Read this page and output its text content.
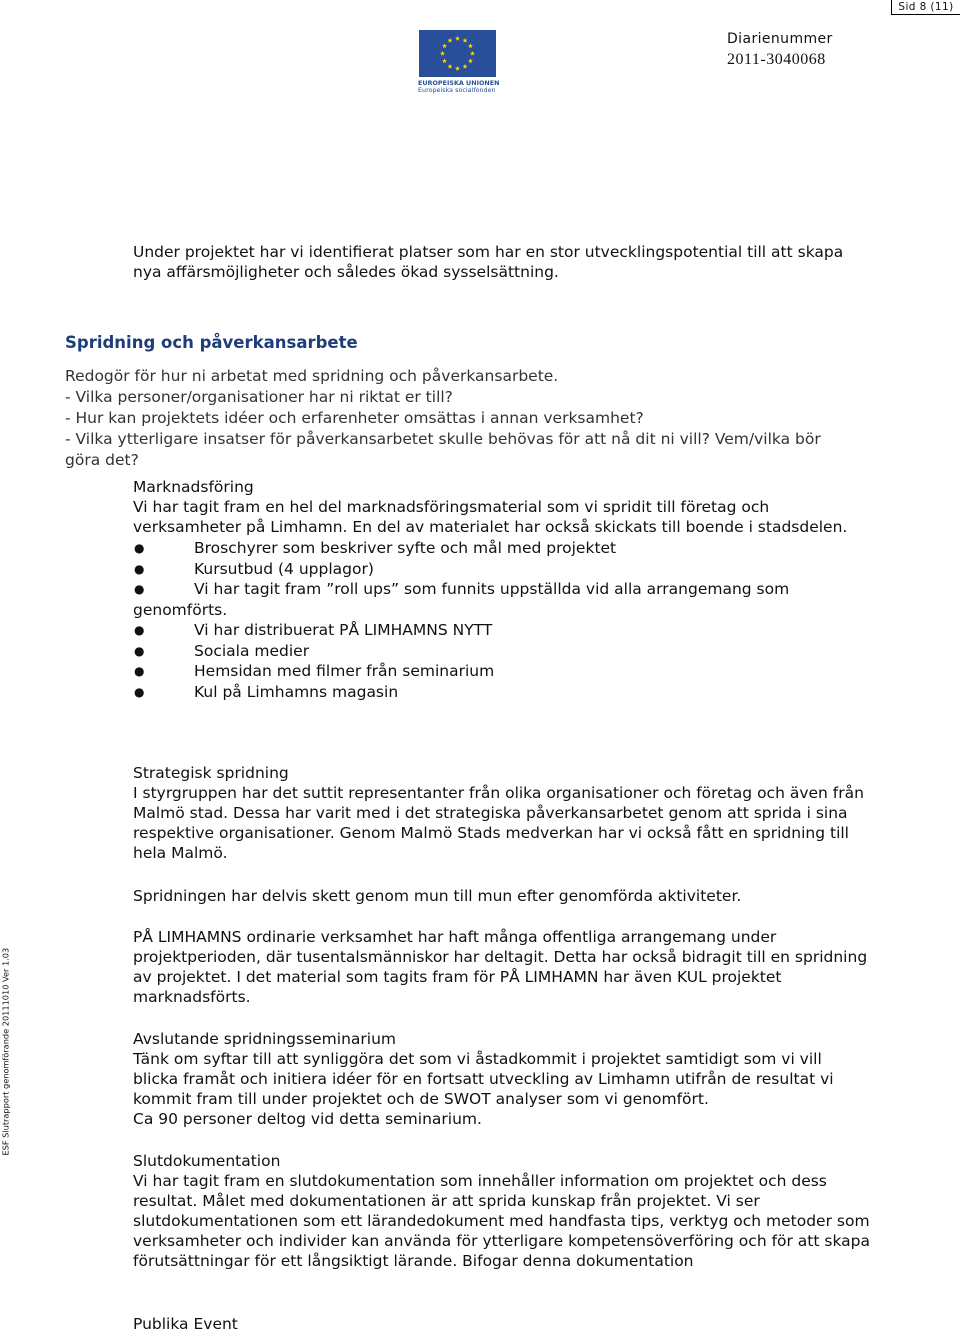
Sid 8 (11)
EUROPEISKA UNIONEN
Europeiska socialfonden
Diarienummer
2011-3040068
ESF Slutrapport genomförande 20111010 Ver 1.03
Under projektet har vi identifierat platser som har en stor utvecklingspotential till att skapa
nya affärsmöjligheter och således ökad sysselsättning.
Spridning och påverkansarbete
Redogör för hur ni arbetat med spridning och påverkansarbete.
- Vilka personer/organisationer har ni riktat er till?
- Hur kan projektets idéer och erfarenheter omsättas i annan verksamhet?
- Vilka ytterligare insatser för påverkansarbetet skulle behövas för att nå dit ni vill? Vem/vilka bör
göra det?
Marknadsföring
Vi har tagit fram en hel del marknadsföringsmaterial som vi spridit till företag och
verksamheter på Limhamn. En del av materialet har också skickats till boende i stadsdelen.
●	Broschyrer som beskriver syfte och mål med projektet
●	Kursutbud (4 upplagor)
●	Vi har tagit fram ”roll ups” som funnits uppställda vid alla arrangemang som
genomförts.
●	Vi har distribuerat PÅ LIMHAMNS NYTT
●	Sociala medier
●	Hemsidan med filmer från seminarium
●	Kul på Limhamns magasin
Strategisk spridning
I styrgruppen har det suttit representanter från olika organisationer och företag och även från
Malmö stad. Dessa har varit med i det strategiska påverkansarbetet genom att sprida i sina
respektive organisationer. Genom Malmö Stads medverkan har vi också fått en spridning till
hela Malmö.
Spridningen har delvis skett genom mun till mun efter genomförda aktiviteter.
PÅ LIMHAMNS ordinarie verksamhet har haft många offentliga arrangemang under
projektperioden, där tusentalsmänniskor har deltagit. Detta har också bidragit till en spridning
av projektet. I det material som tagits fram för PÅ LIMHAMN har även KUL projektet
marknadsförts.
Avslutande spridningsseminarium
Tänk om syftar till att synliggöra det som vi åstadkommit i projektet samtidigt som vi vill
blicka framåt och initiera idéer för en fortsatt utveckling av Limhamn utifrån de resultat vi
kommit fram till under projektet och de SWOT analyser som vi genomfört.
Ca 90 personer deltog vid detta seminarium.
Slutdokumentation
Vi har tagit fram en slutdokumentation som innehåller information om projektet och dess
resultat. Målet med dokumentationen är att sprida kunskap från projektet. Vi ser
slutdokumentationen som ett lärandedokument med handfasta tips, verktyg och metoder som
verksamheter och individer kan använda för ytterligare kompetensöverföring och för att skapa
förutsättningar för ett långsiktigt lärande. Bifogar denna dokumentation
Publika Event
